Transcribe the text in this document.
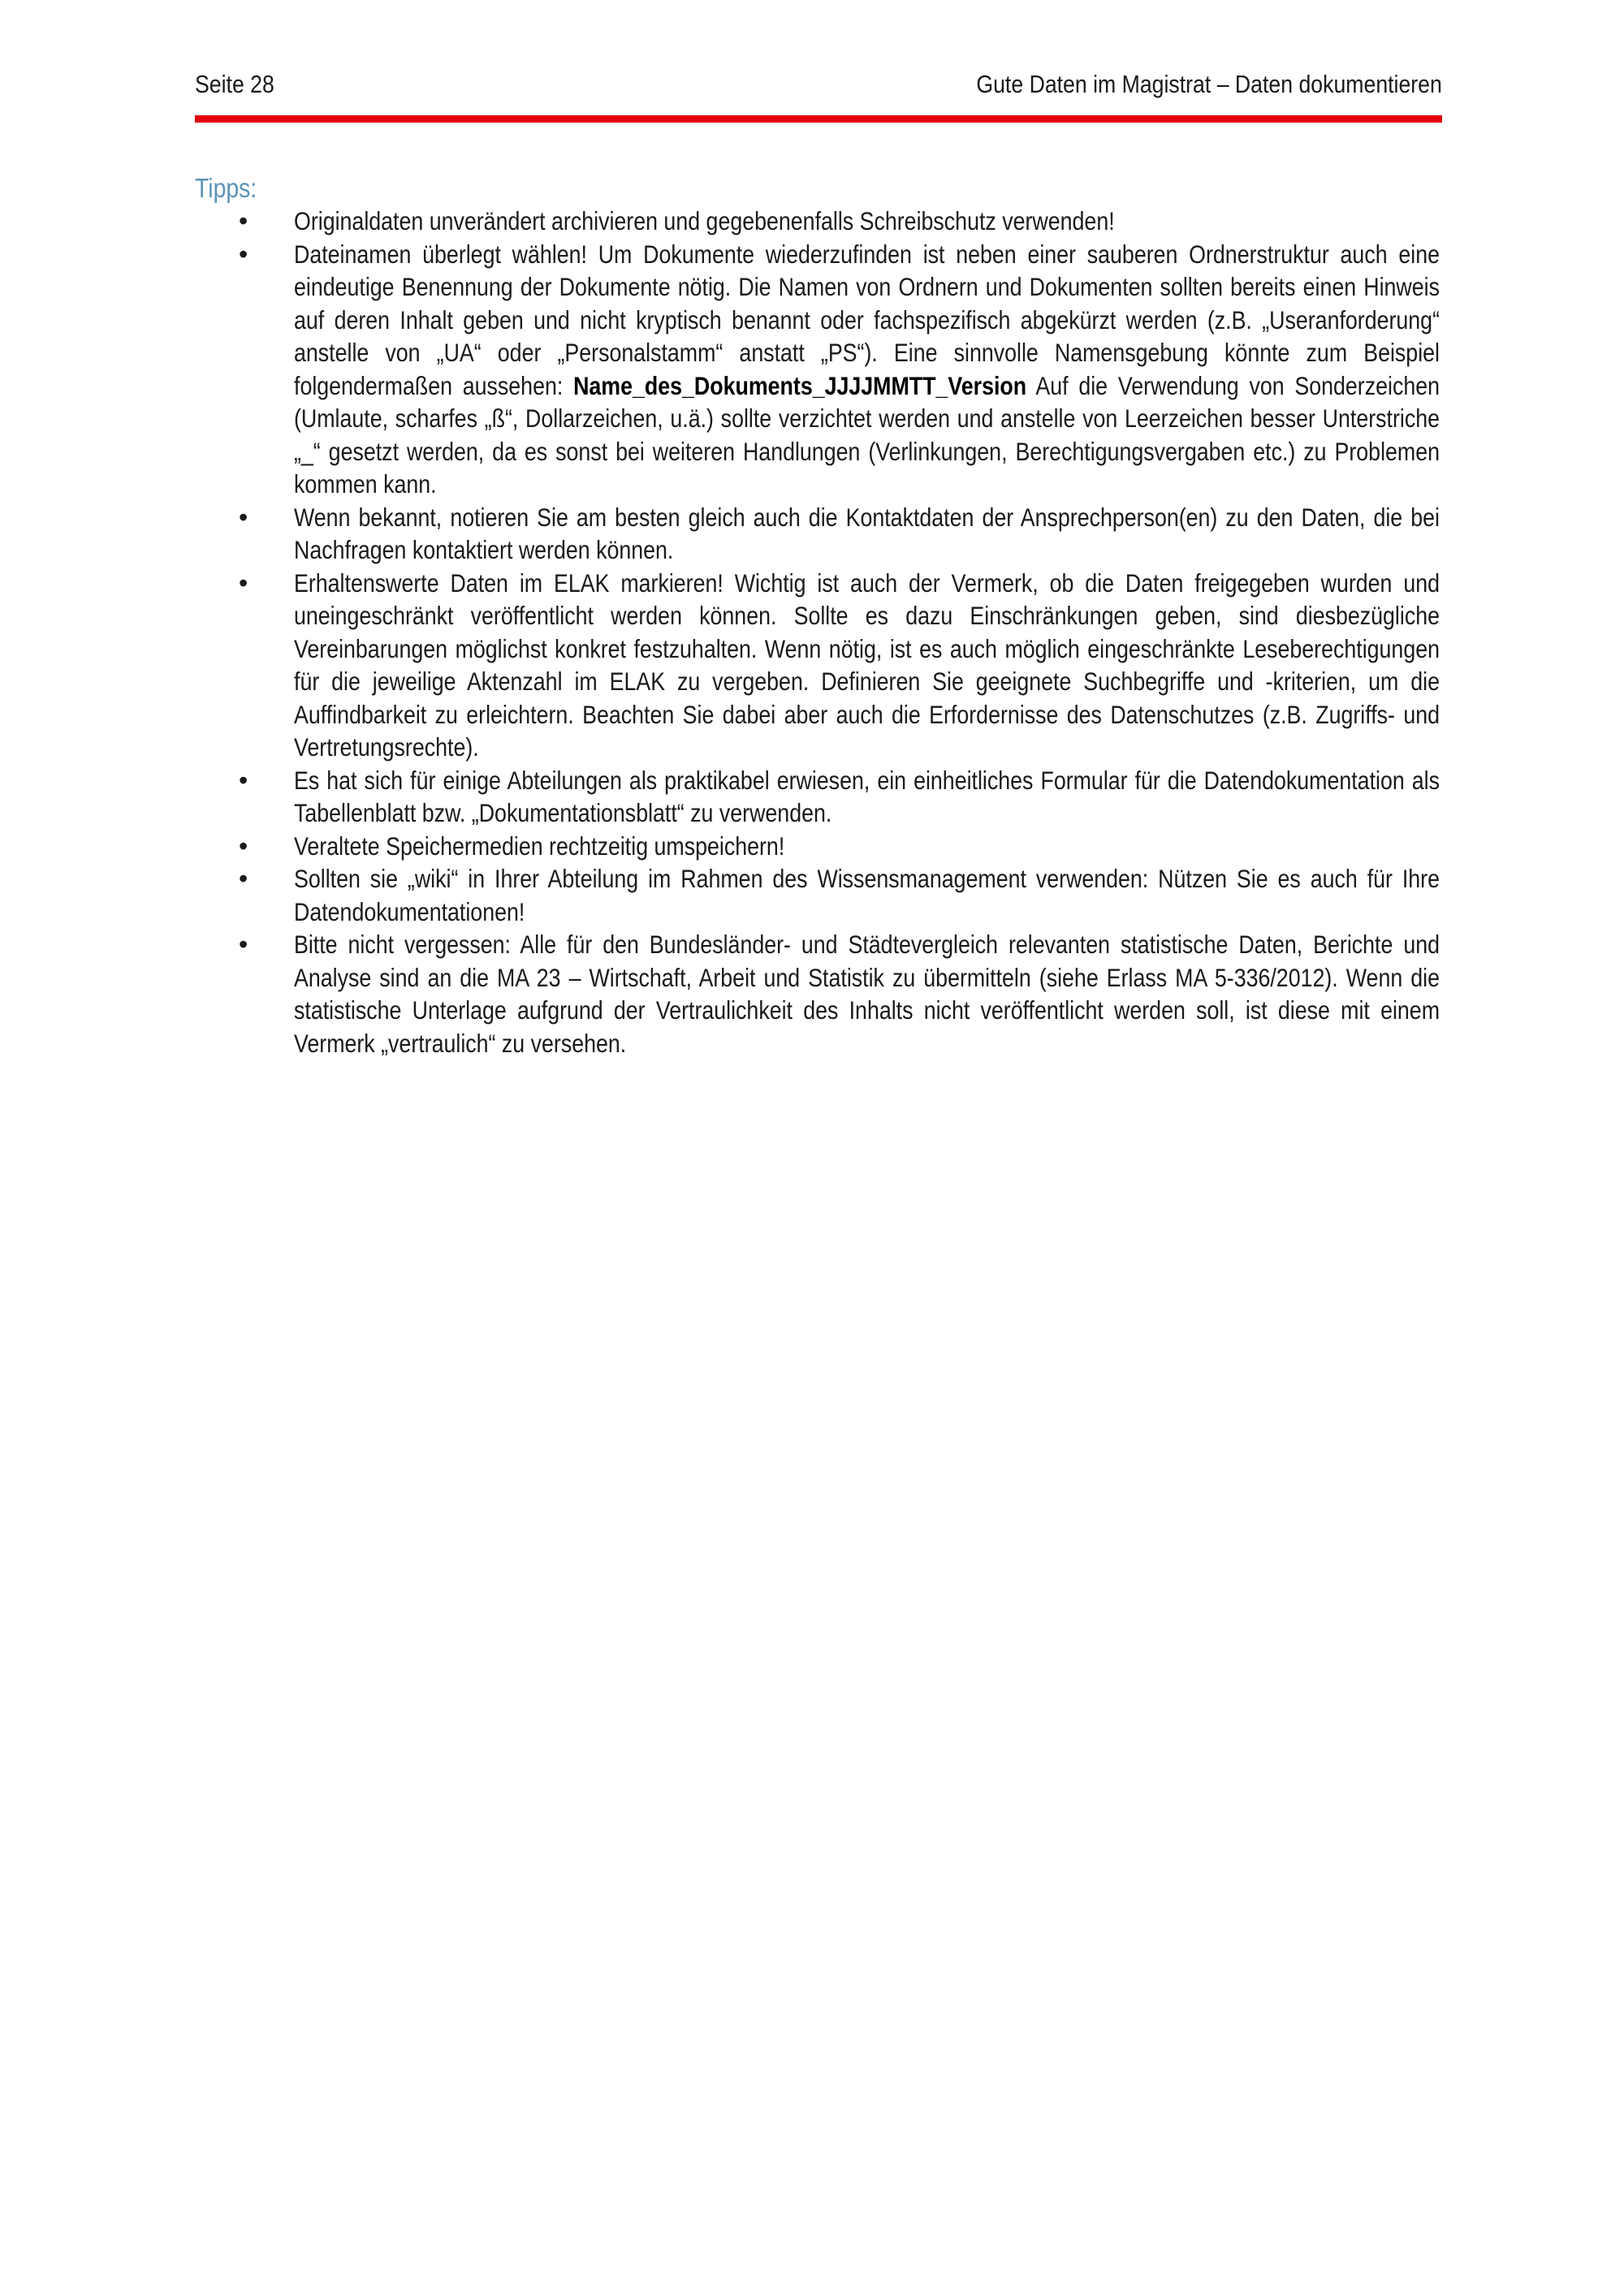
Seite 28	Gute Daten im Magistrat – Daten dokumentieren
Tipps:
• Originaldaten unverändert archivieren und gegebenenfalls Schreibschutz verwenden!
• Dateinamen überlegt wählen! Um Dokumente wiederzufinden ist neben einer sauberen Ordnerstruktur auch eine eindeutige Benennung der Dokumente nötig. Die Namen von Ordnern und Dokumenten sollten bereits einen Hinweis auf deren Inhalt geben und nicht kryptisch benannt oder fachspezifisch abgekürzt werden (z.B. „Useranforderung“ anstelle von „UA“ oder „Personalstamm“ anstatt „PS“). Eine sinnvolle Namensgebung könnte zum Beispiel folgendermaßen aussehen: Name_des_Dokuments_JJJJMMTT_Version Auf die Verwendung von Sonderzeichen (Umlaute, scharfes „ß“, Dollarzeichen, u.ä.) sollte verzichtet werden und anstelle von Leerzeichen besser Unterstriche „_“ gesetzt werden, da es sonst bei weiteren Handlungen (Verlinkungen, Berechtigungsvergaben etc.) zu Problemen kommen kann.
• Wenn bekannt, notieren Sie am besten gleich auch die Kontaktdaten der Ansprechperson(en) zu den Daten, die bei Nachfragen kontaktiert werden können.
• Erhaltenswerte Daten im ELAK markieren! Wichtig ist auch der Vermerk, ob die Daten freigegeben wurden und uneingeschränkt veröffentlicht werden können. Sollte es dazu Einschränkungen geben, sind diesbezügliche Vereinbarungen möglichst konkret festzuhalten. Wenn nötig, ist es auch möglich eingeschränkte Leseberechtigungen für die jeweilige Aktenzahl im ELAK zu vergeben. Definieren Sie geeignete Suchbegriffe und -kriterien, um die Auffindbarkeit zu erleichtern. Beachten Sie dabei aber auch die Erfordernisse des Datenschutzes (z.B. Zugriffs- und Vertretungsrechte).
• Es hat sich für einige Abteilungen als praktikabel erwiesen, ein einheitliches Formular für die Datendokumentation als Tabellenblatt bzw. „Dokumentationsblatt“ zu verwenden.
• Veraltete Speichermedien rechtzeitig umspeichern!
• Sollten sie „wiki“ in Ihrer Abteilung im Rahmen des Wissensmanagement verwenden: Nützen Sie es auch für Ihre Datendokumentationen!
• Bitte nicht vergessen: Alle für den Bundesländer- und Städtevergleich relevanten statistische Daten, Berichte und Analyse sind an die MA 23 – Wirtschaft, Arbeit und Statistik zu übermitteln (siehe Erlass MA 5-336/2012). Wenn die statistische Unterlage aufgrund der Vertraulichkeit des Inhalts nicht veröffentlicht werden soll, ist diese mit einem Vermerk „vertraulich“ zu versehen.
